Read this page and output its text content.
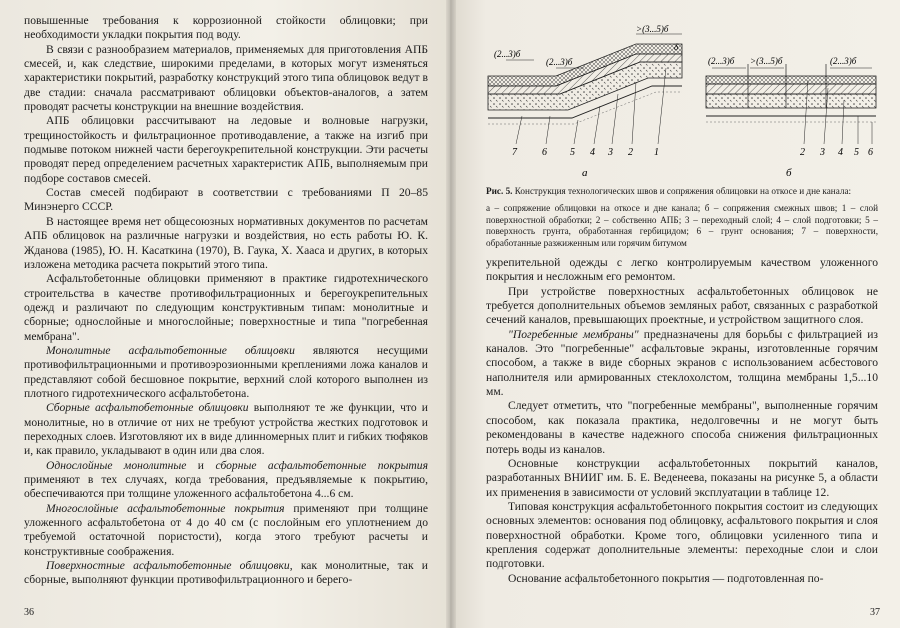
повышенные требования к коррозионной стойкости облицовки; при необходимости укладки покрытия под воду.

В связи с разнообразием материалов, применяемых для приготовления АПБ смесей, и, как следствие, широкими пределами, в которых могут изменяться характеристики покрытий, разработку конструкций этого типа облицовок ведут в две стадии: сначала рассматривают облицовки объектов-аналогов, а затем проводят расчеты конструкции на внешние воздействия.

АПБ облицовки рассчитывают на ледовые и волновые нагрузки, трещиностойкость и фильтрационное противодавление, а также на изгиб при подмыве потоком нижней части берегоукрепительной конструкции. Эти расчеты проводят перед определением расчетных характеристик АПБ, выполняемым при подборе составов смесей.

Состав смесей подбирают в соответствии с требованиями П 20–85 Минэнерго СССР.

В настоящее время нет общесоюзных нормативных документов по расчетам АПБ облицовок на различные нагрузки и воздействия, но есть работы Ю. К. Жданова (1985), Ю. Н. Касаткина (1970), В. Гаука, Х. Хааса и других, в которых изложена методика расчета покрытий этого типа.

Асфальтобетонные облицовки применяют в практике гидротехнического строительства в качестве противофильтрационных и берегоукрепительных одежд и различают по следующим конструктивным типам: монолитные и сборные; однослойные и многослойные; поверхностные и типа "погребенная мембрана".

Монолитные асфальтобетонные облицовки являются несущими противофильтрационными и противоэрозионными креплениями ложа каналов и представляют собой бесшовное покрытие, верхний слой которого выполнен из плотного гидротехнического асфальтобетона.

Сборные асфальтобетонные облицовки выполняют те же функции, что и монолитные, но в отличие от них не требуют устройства жестких подготовок и переходных слоев. Изготовляют их в виде длинномерных плит и гибких тюфяков и, как правило, укладывают в один или два слоя.

Однослойные монолитные и сборные асфальтобетонные покрытия применяют в тех случаях, когда требования, предъявляемые к покрытию, обеспечиваются при толщине уложенного асфальтобетона 4...6 см.

Многослойные асфальтобетонные покрытия применяют при толщине уложенного асфальтобетона от 4 до 40 см (с послойным его уплотнением до требуемой остаточной пористости), когда этого требуют расчеты и конструктивные соображения.

Поверхностные асфальтобетонные облицовки, как монолитные, так и сборные, выполняют функции противофильтрационного и берего-

36
>(3...5)б
δ
(2...3)б
(2...3)б	(2...3)б >(3...5)б	(2...3)б
7	6 5 4 3 2 1	2 3 4 5 6
а	б
Рис. 5. Конструкция технологических швов и сопряжения облицовки на откосе и дне канала:
а – сопряжение облицовки на откосе и дне канала; б – сопряжения смежных швов; 1 – слой поверхностной обработки; 2 – собственно АПБ; 3 – переходный слой; 4 – слой подготовки; 5 – поверхность грунта, обработанная гербицидом; 6 – грунт основания; 7 – поверхности, обработанные разжиженным или горячим битумом

укрепительной одежды с легко контролируемым качеством уложенного покрытия и несложным его ремонтом.

При устройстве поверхностных асфальтобетонных облицовок не требуется дополнительных объемов земляных работ, связанных с разработкой сечений каналов, превышающих проектные, и устройством защитного слоя.

"Погребенные мембраны" предназначены для борьбы с фильтрацией из каналов. Это "погребенные" асфальтовые экраны, изготовленные горячим способом, а также в виде сборных экранов с использованием асбестового наполнителя или армированных стеклохолстом, толщина мембраны 1,5...10 мм.

Следует отметить, что "погребенные мембраны", выполненные горячим способом, как показала практика, недолговечны и не могут быть рекомендованы в качестве надежного способа снижения фильтрационных потерь воды из каналов.

Основные конструкции асфальтобетонных покрытий каналов, разработанных ВНИИГ им. Б. Е. Веденеева, показаны на рисунке 5, а области их применения в зависимости от условий эксплуатации в таблице 12.

Типовая конструкция асфальтобетонного покрытия состоит из следующих основных элементов: основания под облицовку, асфальтового покрытия и слоя поверхностной обработки. Кроме того, облицовки усиленного типа и крепления содержат дополнительные элементы: переходные слои и слои подготовки.

Основание асфальтобетонного покрытия — подготовленная по-

37
